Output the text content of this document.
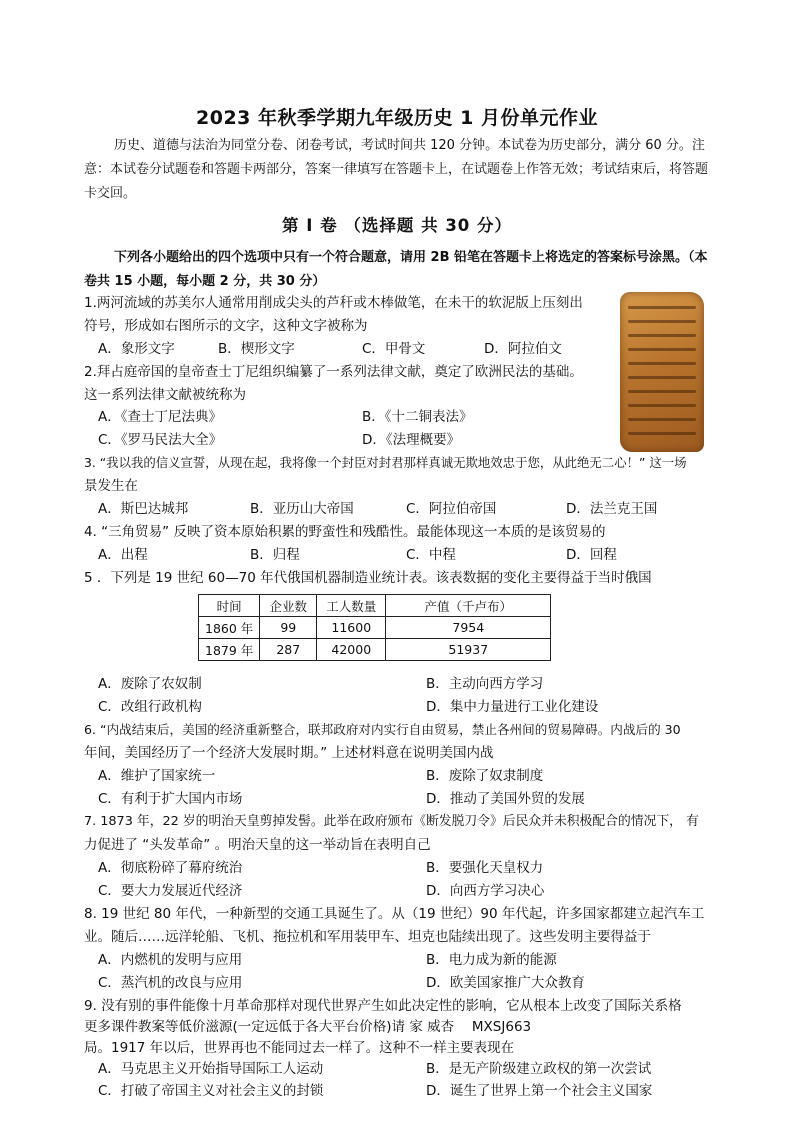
2023 年秋季学期九年级历史 1 月份单元作业
历史、道德与法治为同堂分卷、闭卷考试，考试时间共 120 分钟。本试卷为历史部分，满分 60 分。注意：本试卷分试题卷和答题卡两部分，答案一律填写在答题卡上，在试题卷上作答无效；考试结束后，将答题卡交回。
第 Ⅰ 卷 （选择题 共 30 分）
下列各小题给出的四个选项中只有一个符合题意，请用 2B 铅笔在答题卡上将选定的答案标号涂黑。（本卷共 15 小题，每小题 2 分，共 30 分）
1.两河流域的苏美尔人通常用削成尖头的芦秆或木棒做笔，在未干的软泥版上压刻出
符号，形成如右图所示的文字，这种文字被称为
A．象形文字	B．楔形文字	C．甲骨文	D．阿拉伯文
2.拜占庭帝国的皇帝查士丁尼组织编纂了一系列法律文献，奠定了欧洲民法的基础。
这一系列法律文献被统称为
A．《查士丁尼法典》	B．《十二铜表法》
C．《罗马民法大全》	D．《法理概要》
3. “我以我的信义宣誓，从现在起，我将像一个封臣对封君那样真诚无欺地效忠于您，从此绝无二心！” 这一场
景发生在
A．斯巴达城邦	B．亚历山大帝国	C．阿拉伯帝国	D．法兰克王国
4. “三角贸易” 反映了资本原始积累的野蛮性和残酷性。最能体现这一本质的是该贸易的
A．出程	B．归程	C．中程	D．回程
5 ．下列是 19 世纪 60—70 年代俄国机器制造业统计表。该表数据的变化主要得益于当时俄国
时间	企业数	工人数量	产值（千卢布）
1860 年	99	11600	7954
1879 年	287	42000	51937
A．废除了农奴制	B．主动向西方学习
C．改组行政机构	D．集中力量进行工业化建设
6. “内战结束后，美国的经济重新整合，联邦政府对内实行自由贸易，禁止各州间的贸易障碍。内战后的 30
年间，美国经历了一个经济大发展时期。” 上述材料意在说明美国内战
A．维护了国家统一	B．废除了奴隶制度
C．有利于扩大国内市场	D．推动了美国外贸的发展
7. 1873 年，22 岁的明治天皇剪掉发髻。此举在政府颁布《断发脱刀令》后民众并未积极配合的情况下， 有
力促进了 “头发革命” 。明治天皇的这一举动旨在表明自己
A．彻底粉碎了幕府统治	B．要强化天皇权力
C．要大力发展近代经济	D．向西方学习决心
8. 19 世纪 80 年代，一种新型的交通工具诞生了。从（19 世纪）90 年代起，许多国家都建立起汽车工
业。随后……远洋轮船、飞机、拖拉机和军用装甲车、坦克也陆续出现了。这些发明主要得益于
A．内燃机的发明与应用	B．电力成为新的能源
C．蒸汽机的改良与应用	D．欧美国家推广大众教育
9. 没有别的事件能像十月革命那样对现代世界产生如此决定性的影响，它从根本上改变了国际关系格
更多课件教案等低价滋源(一定远低于各大平台价格)请 家 威杏　 MXSJ663
局。1917 年以后，世界再也不能同过去一样了。这种不一样主要表现在
A．马克思主义开始指导国际工人运动	B．是无产阶级建立政权的第一次尝试
C．打破了帝国主义对社会主义的封锁	D．诞生了世界上第一个社会主义国家
